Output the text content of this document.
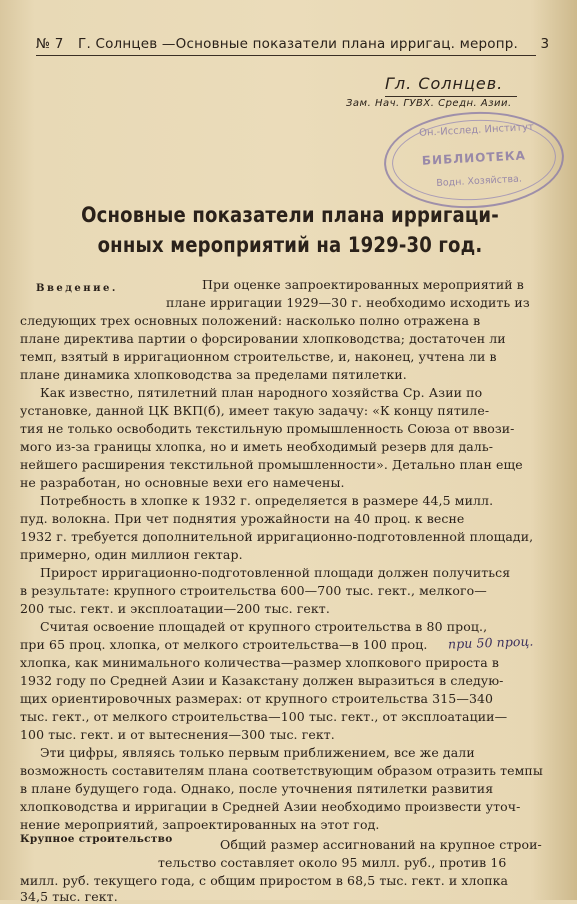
№ 7 Г. Солнцев —Основные показатели плана ирригац. меропр. 3
Гл. Солнцев.
Зам. Нач. ГУВХ. Средн. Азии.
Он.-Исслед. Институт
БИБЛИОТЕКА
Водн. Хозяйства.
Основные показатели плана ирригаци-
онных мероприятий на 1929-30 год.
Введение.
Крупное строительство
При оценке запроектированных мероприятий в
плане ирригации 1929—30 г. необходимо исходить из
следующих трех основных положений: насколько полно отражена в
плане директива партии о форсировании хлопководства; достаточен ли
темп, взятый в ирригационном строительстве, и, наконец, учтена ли в
плане динамика хлопководства за пределами пятилетки.
Как известно, пятилетний план народного хозяйства Ср. Азии по
установке, данной ЦК ВКП(б), имеет такую задачу: «К концу пятиле-
тия не только освободить текстильную промышленность Союза от ввози-
мого из-за границы хлопка, но и иметь необходимый резерв для даль-
нейшего расширения текстильной промышленности». Детально план еще
не разработан, но основные вехи его намечены.
Потребность в хлопке к 1932 г. определяется в размере 44,5 милл.
пуд. волокна. При чет поднятия урожайности на 40 проц. к весне
1932 г. требуется дополнительной ирригационно-подготовленной площади,
примерно, один миллион гектар.
Прирост ирригационно-подготовленной площади должен получиться
в результате: крупного строительства 600—700 тыс. гект., мелкого—
200 тыс. гект. и эксплоатации—200 тыс. гект.
Считая освоение площадей от крупного строительства в 80 проц.,
при 65 проц. хлопка, от мелкого строительства—в 100 проц. при 50 проц.
хлопка, как минимального количества—размер хлопкового прироста в
1932 году по Средней Азии и Казакстану должен выразиться в следую-
щих ориентировочных размерах: от крупного строительства 315—340
тыс. гект., от мелкого строительства—100 тыс. гект., от эксплоатации—
100 тыс. гект. и от вытеснения—300 тыс. гект.
Эти цифры, являясь только первым приближением, все же дали
возможность составителям плана соответствующим образом отразить темпы
в плане будущего года. Однако, после уточнения пятилетки развития
хлопководства и ирригации в Средней Азии необходимо произвести уточ-
нение мероприятий, запроектированных на этот год.
Общий размер ассигнований на крупное строи-
тельство составляет около 95 милл. руб., против 16
милл. руб. текущего года, с общим приростом в 68,5 тыс. гект. и хлопка
34,5 тыс. гект.
